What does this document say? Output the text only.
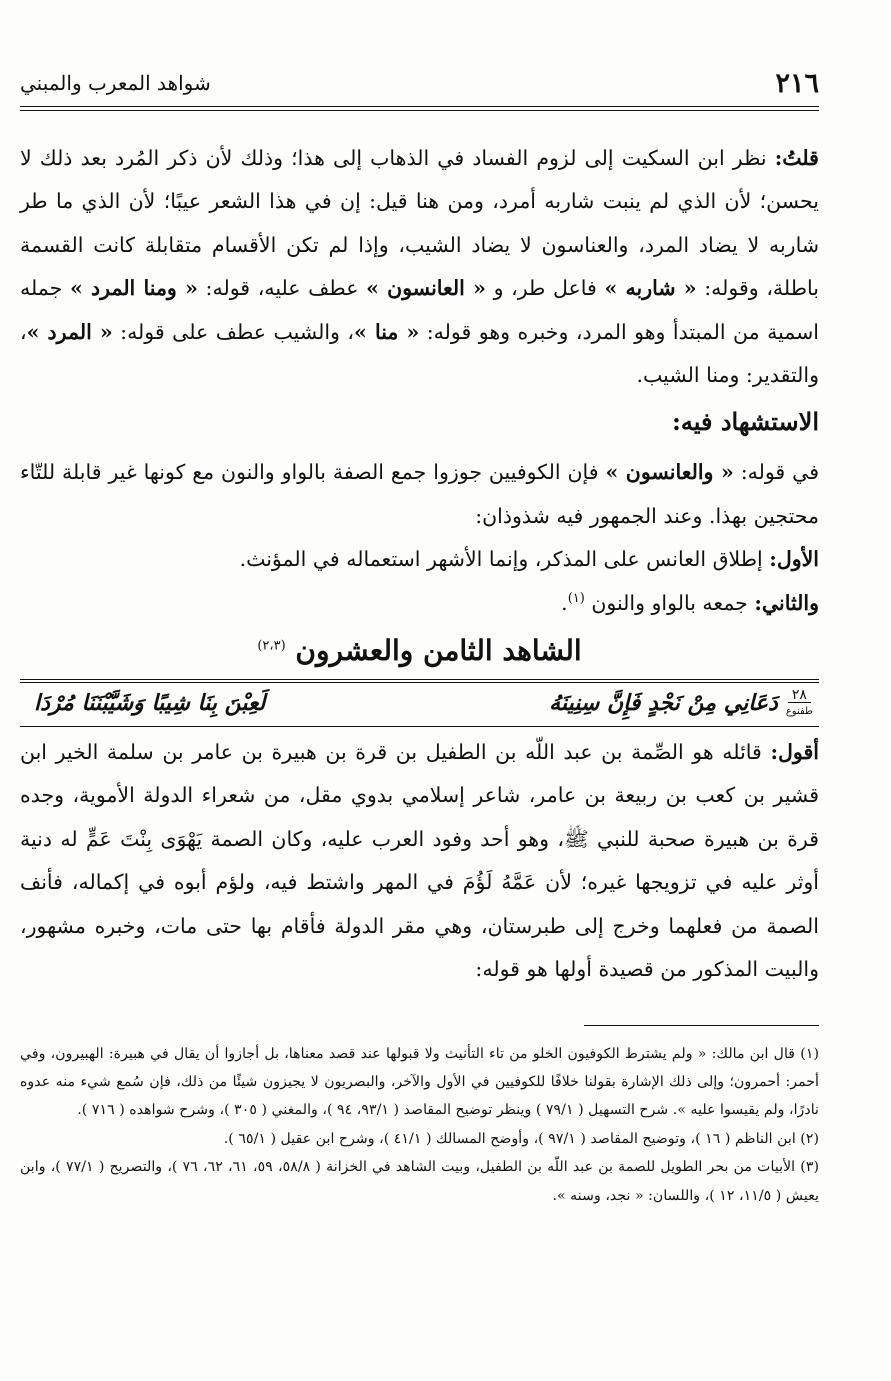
٢١٦
شواهد المعرب والمبني

قلتُ: نظر ابن السكيت إلى لزوم الفساد في الذهاب إلى هذا؛ وذلك لأن ذكر المُرد بعد ذلك لا يحسن؛ لأن الذي لم ينبت شاربه أمرد، ومن هنا قيل: إن في هذا الشعر عيبًا؛ لأن الذي ما طر شاربه لا يضاد المرد، والعناسون لا يضاد الشيب، وإذا لم تكن الأقسام متقابلة كانت القسمة باطلة، وقوله: « شاربه » فاعل طر، و « العانسون » عطف عليه، قوله: « ومنا المرد » جمله اسمية من المبتدأ وهو المرد، وخبره وهو قوله: « منا »، والشيب عطف على قوله: « المرد »، والتقدير: ومنا الشيب.

الاستشهاد فيه:

في قوله: « والعانسون » فإن الكوفيين جوزوا جمع الصفة بالواو والنون مع كونها غير قابلة للتّاء محتجين بهذا. وعند الجمهور فيه شذوذان:

الأول: إطلاق العانس على المذكر، وإنما الأشهر استعماله في المؤنث.

والثاني: جمعه بالواو والنون $^{(١)}$.

الشاهد الثامن والعشرون $^{(٢،٣)}$
٢٨
طفنوع
دَعَانِي مِنْ نَجْدٍ فَإِنَّ سِنِينَهُ
لَعِبْنَ بِنَا شِيبًا وَشَيَّبْنَنَا مُرْدَا

أقول: قائله هو الصِّمة بن عبد اللّه بن الطفيل بن قرة بن هبيرة بن عامر بن سلمة الخير ابن قشير بن كعب بن ربيعة بن عامر، شاعر إسلامي بدوي مقل، من شعراء الدولة الأموية، وجده قرة بن هبيرة صحبة للنبي ﷺ، وهو أحد وفود العرب عليه، وكان الصمة يَهْوَى بِنْتَ عَمٍّ له دنية أوثر عليه في تزويجها غيره؛ لأن عَمَّهُ لَؤُمَ في المهر واشتط فيه، ولؤم أبوه في إكماله، فأنف الصمة من فعلهما وخرج إلى طبرستان، وهي مقر الدولة فأقام بها حتى مات، وخبره مشهور، والبيت المذكور من قصيدة أولها هو قوله:

(١) قال ابن مالك: « ولم يشترط الكوفيون الخلو من تاء التأنيث ولا قبولها عند قصد معناها، بل أجازوا أن يقال في هبيرة: الهبيرون، وفي أحمر: أحمرون؛ وإلى ذلك الإشارة بقولنا خلافًا للكوفيين في الأول والآخر، والبصريون لا يجيزون شيئًا من ذلك، فإن سُمع شيء منه عدوه نادرًا، ولم يقيسوا عليه ». شرح التسهيل ( ٧٩/١ ) وينظر توضيح المقاصد ( ٩٣/١، ٩٤ )، والمغني ( ٣٠٥ )، وشرح شواهده ( ٧١٦ ).

(٢) ابن الناظم ( ١٦ )، وتوضيح المقاصد ( ٩٧/١ )، وأوضح المسالك ( ٤١/١ )، وشرح ابن عقيل ( ٦٥/١ ).

(٣) الأبيات من بحر الطويل للصمة بن عبد اللّه بن الطفيل، وبيت الشاهد في الخزانة ( ٥٨/٨، ٥٩، ٦١، ٦٢، ٧٦ )، والتصريح ( ٧٧/١ )، وابن يعيش ( ١١/٥، ١٢ )، واللسان: « نجد، وسنه ».
